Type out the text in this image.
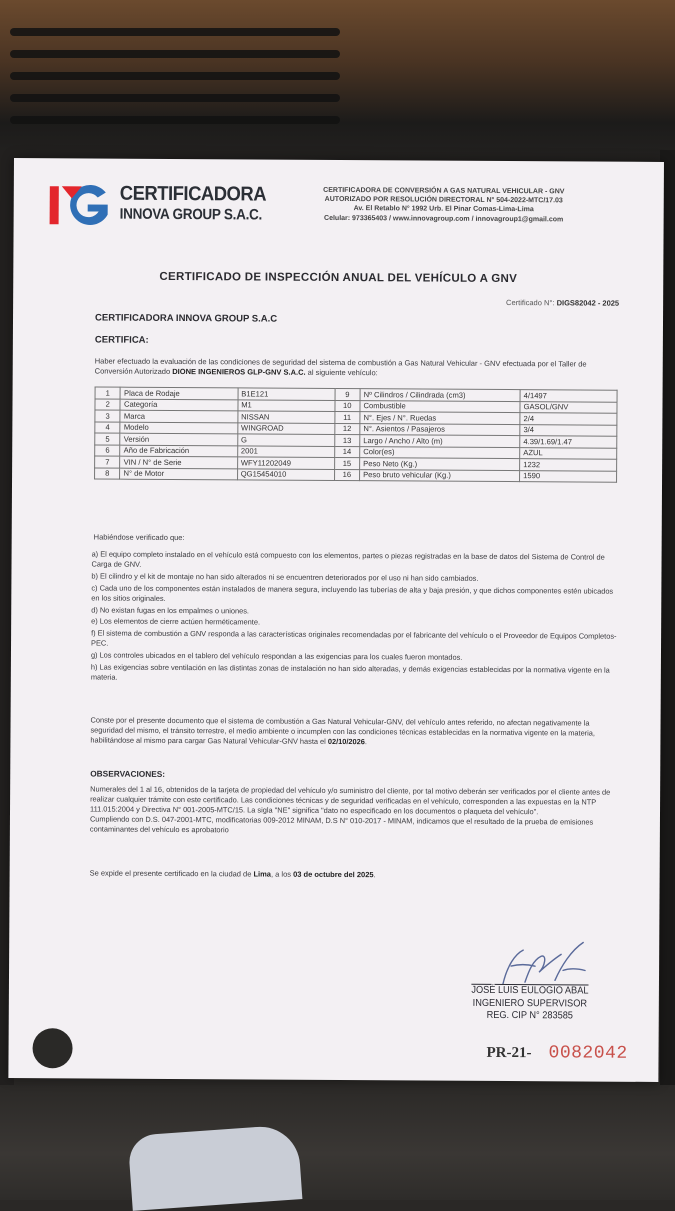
CERTIFICADORA
INNOVA GROUP S.A.C.
CERTIFICADORA DE CONVERSIÓN A GAS NATURAL VEHICULAR - GNV
AUTORIZADO POR RESOLUCIÓN DIRECTORAL N° 504-2022-MTC/17.03
Av. El Retablo N° 1992 Urb. El Pinar Comas-Lima-Lima
Celular: 973365403 / www.innovagroup.com / innovagroup1@gmail.com
CERTIFICADO DE INSPECCIÓN ANUAL DEL VEHÍCULO A GNV
Certificado N°: DIGS82042 - 2025
CERTIFICADORA INNOVA GROUP S.A.C
CERTIFICA:
Haber efectuado la evaluación de las condiciones de seguridad del sistema de combustión a Gas Natural Vehicular - GNV efectuada por el Taller de Conversión Autorizado DIONE INGENIEROS GLP-GNV S.A.C. al siguiente vehículo:
1	Placa de Rodaje	B1E121	9	Nº Cilindros / Cilindrada (cm3)	4/1497
2	Categoría	M1	10	Combustible	GASOL/GNV
3	Marca	NISSAN	11	N°. Ejes / N°. Ruedas	2/4
4	Modelo	WINGROAD	12	N°. Asientos / Pasajeros	3/4
5	Versión	G	13	Largo / Ancho / Alto (m)	4.39/1.69/1.47
6	Año de Fabricación	2001	14	Color(es)	AZUL
7	VIN / N° de Serie	WFY11202049	15	Peso Neto (Kg.)	1232
8	N° de Motor	QG15454010	16	Peso bruto vehicular (Kg.)	1590
Habiéndose verificado que:

a) El equipo completo instalado en el vehículo está compuesto con los elementos, partes o piezas registradas en la base de datos del Sistema de Control de Carga de GNV.

b) El cilindro y el kit de montaje no han sido alterados ni se encuentren deteriorados por el uso ni han sido cambiados.

c) Cada uno de los componentes están instalados de manera segura, incluyendo las tuberías de alta y baja presión, y que dichos componentes estén ubicados en los sitios originales.

d) No existan fugas en los empalmes o uniones.

e) Los elementos de cierre actúen herméticamente.

f) El sistema de combustión a GNV responda a las características originales recomendadas por el fabricante del vehículo o el Proveedor de Equipos Completos-PEC.

g) Los controles ubicados en el tablero del vehículo respondan a las exigencias para los cuales fueron montados.

h) Las exigencias sobre ventilación en las distintas zonas de instalación no han sido alteradas, y demás exigencias establecidas por la normativa vigente en la materia.

Conste por el presente documento que el sistema de combustión a Gas Natural Vehicular-GNV, del vehículo antes referido, no afectan negativamente la seguridad del mismo, el tránsito terrestre, el medio ambiente o incumplen con las condiciones técnicas establecidas en la normativa vigente en la materia, habilitándose al mismo para cargar Gas Natural Vehicular-GNV hasta el 02/10/2026.
OBSERVACIONES:
Numerales del 1 al 16, obtenidos de la tarjeta de propiedad del vehículo y/o suministro del cliente, por tal motivo deberán ser verificados por el cliente antes de realizar cualquier trámite con este certificado. Las condiciones técnicas y de seguridad verificadas en el vehículo, corresponden a las expuestas en la NTP 111.015:2004 y Directiva N° 001-2005-MTC/15. La sigla "NE" significa "dato no especificado en los documentos o plaqueta del vehículo".
Cumpliendo con D.S. 047-2001-MTC, modificatorias 009-2012 MINAM, D.S N° 010-2017 - MINAM, indicamos que el resultado de la prueba de emisiones contaminantes del vehículo es aprobatorio
Se expide el presente certificado en la ciudad de Lima, a los 03 de octubre del 2025.
JOSÉ LUIS EULOGIO ABAL
INGENIERO SUPERVISOR
REG. CIP N° 283585
PR-21- 0082042
